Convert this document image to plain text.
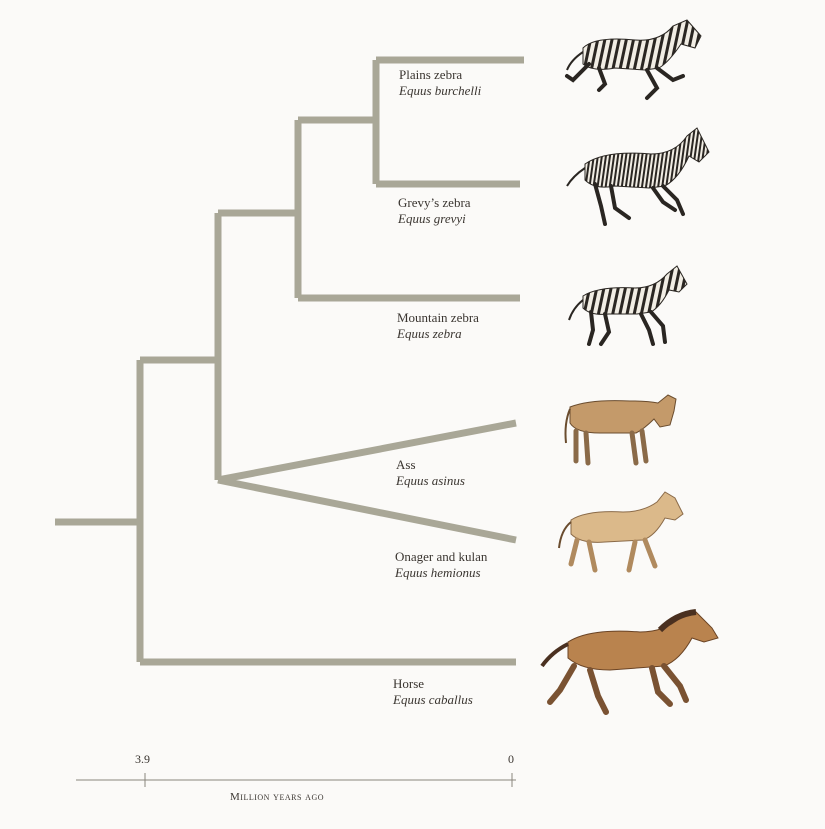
Plains zebra
Equus burchelli
Grevy’s zebra
Equus grevyi
Mountain zebra
Equus zebra
Ass
Equus asinus
Onager and kulan
Equus hemionus
Horse
Equus caballus
3.9	0
Million years ago
